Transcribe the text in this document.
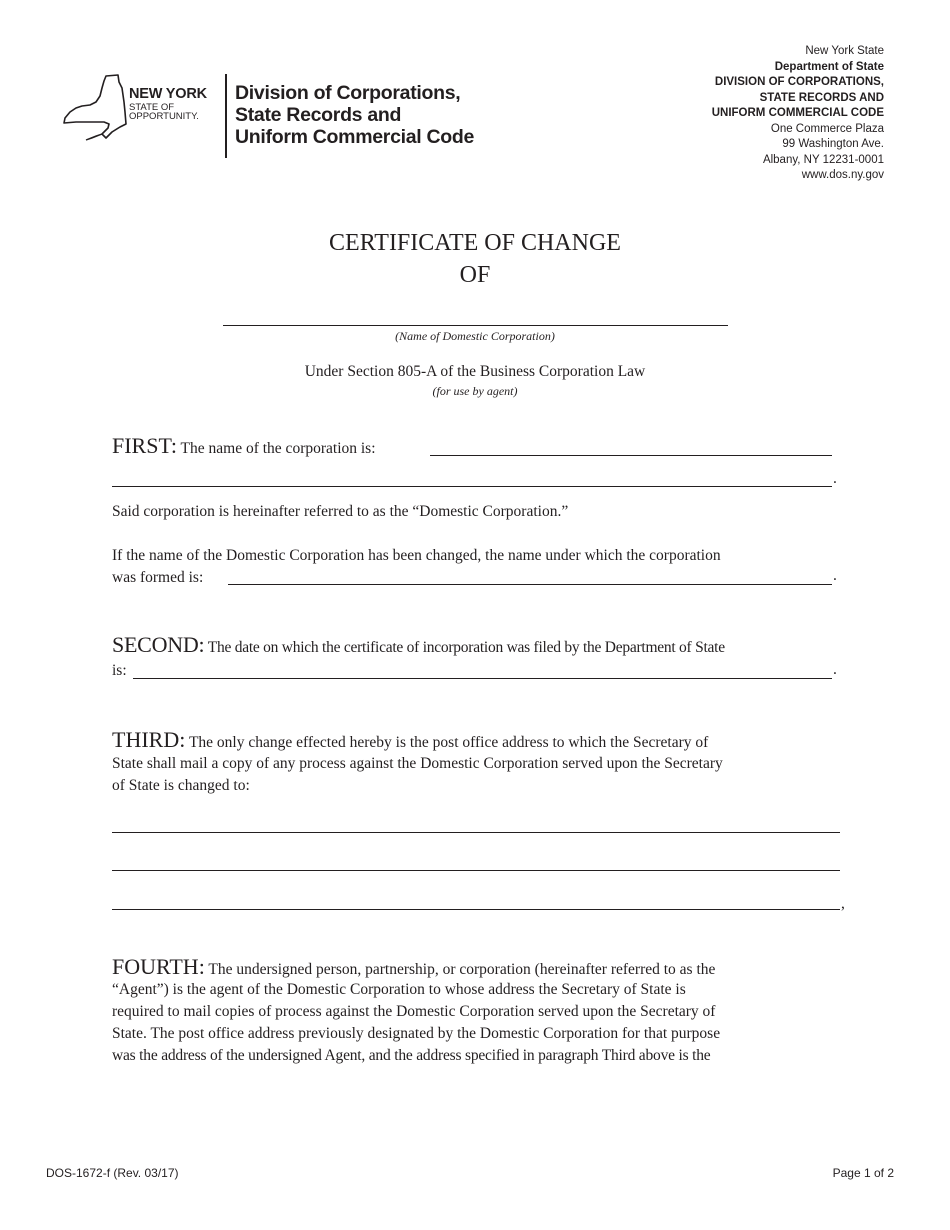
NEW YORK
STATE OF
OPPORTUNITY.
Division of Corporations,
State Records and
Uniform Commercial Code
New York State
Department of State
DIVISION OF CORPORATIONS,
STATE RECORDS AND
UNIFORM COMMERCIAL CODE
One Commerce Plaza
99 Washington Ave.
Albany, NY 12231-0001
www.dos.ny.gov
CERTIFICATE OF CHANGE
OF
(Name of Domestic Corporation)
Under Section 805-A of the Business Corporation Law
(for use by agent)
FIRST: The name of the corporation is:
.
Said corporation is hereinafter referred to as the “Domestic Corporation.”
If the name of the Domestic Corporation has been changed, the name under which the corporation
was formed is:	.
SECOND: The date on which the certificate of incorporation was filed by the Department of State
is:	.
THIRD: The only change effected hereby is the post office address to which the Secretary of
State shall mail a copy of any process against the Domestic Corporation served upon the Secretary
of State is changed to:
,
FOURTH: The undersigned person, partnership, or corporation (hereinafter referred to as the
“Agent”) is the agent of the Domestic Corporation to whose address the Secretary of State is
required to mail copies of process against the Domestic Corporation served upon the Secretary of
State. The post office address previously designated by the Domestic Corporation for that purpose
was the address of the undersigned Agent, and the address specified in paragraph Third above is the
DOS-1672-f (Rev. 03/17)	Page 1 of 2
